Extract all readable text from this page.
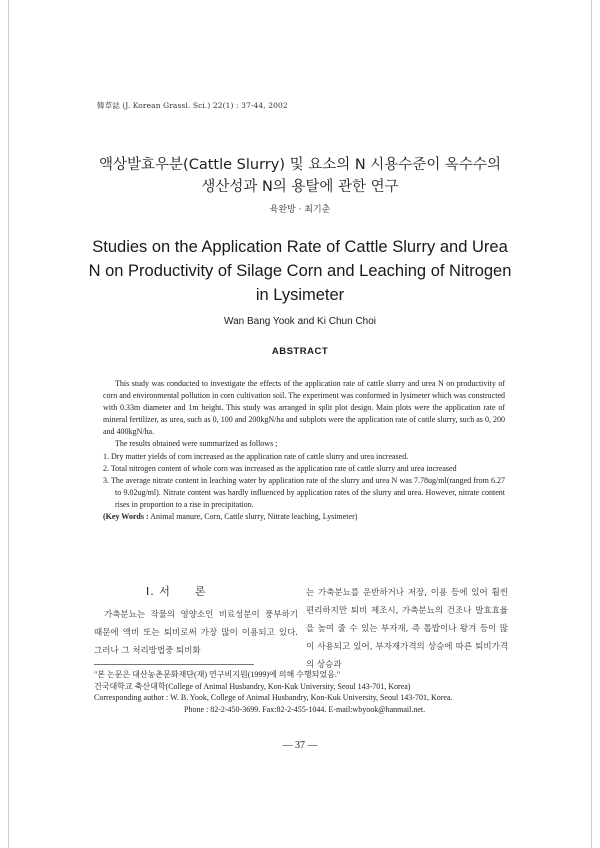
韓草誌 (J. Korean Grassl. Sci.) 22(1) : 37-44, 2002
액상발효우분(Cattle Slurry) 및 요소의 N 시용수준이 옥수수의
생산성과 N의 용탈에 관한 연구
육완방 · 최기춘
Studies on the Application Rate of Cattle Slurry and Urea
N on Productivity of Silage Corn and Leaching of Nitrogen
in Lysimeter
Wan Bang Yook and Ki Chun Choi
ABSTRACT

This study was conducted to investigate the effects of the application rate of cattle slurry and urea N on productivity of corn and environmental pollution in corn cultivation soil. The experiment was conformed in lysimeter which was constructed with 0.33m diameter and 1m height. This study was arranged in split plot design. Main plots were the application rate of mineral fertilizer, as urea, such as 0, 100 and 200kgN/ha and subplots were the application rate of cattle slurry, such as 0, 200 and 400kgN/ha.

The results obtained were summarized as follows ;

1. Dry matter yields of corn increased as the application rate of cattle slurry and urea increased.

2. Total nitrogen content of whole corn was increased as the application rate of cattle slurry and urea increased

3. The average nitrate content in leaching water by application rate of the slurry and urea N was 7.78ug/ml(ranged from 6.27 to 9.02ug/ml). Nitrate content was hardly influenced by application rates of the slurry and urea. However, nitrate content rises in proportion to a rise in precipitation.

(Key Words : Animal manure, Corn, Cattle slurry, Nitrate leaching, Lysimeter)

Ⅰ. 서　　론

가축분뇨는 작물의 영양소인 비료성분이 풍부하기 때문에 액비 또는 퇴비로써 가장 많이 이용되고 있다. 그러나 그 처리방법중 퇴비화

는 가축분뇨를 운반하거나 저장, 이용 등에 있어 훨씬 편리하지만 퇴비 제조시, 가축분뇨의 건조나 발효효율을 높여 줄 수 있는 부자재, 즉 톱밥이나 왕겨 등이 많이 사용되고 있어, 부자재가격의 상승에 따른 퇴비가격의 상승과

"본 논문은 대산농촌문화재단(재) 연구비지원(1999)에 의해 수행되었음."

건국대학교 축산대학(College of Animal Husbandry, Kon-Kuk University, Seoul 143-701, Korea)

Corresponding author : W. B. Yook, College of Animal Husbandry, Kon-Kuk University, Seoul 143-701, Korea.

Phone : 82-2-450-3699. Fax:82-2-455-1044. E-mail:wbyook@hanmail.net.

— 37 —
